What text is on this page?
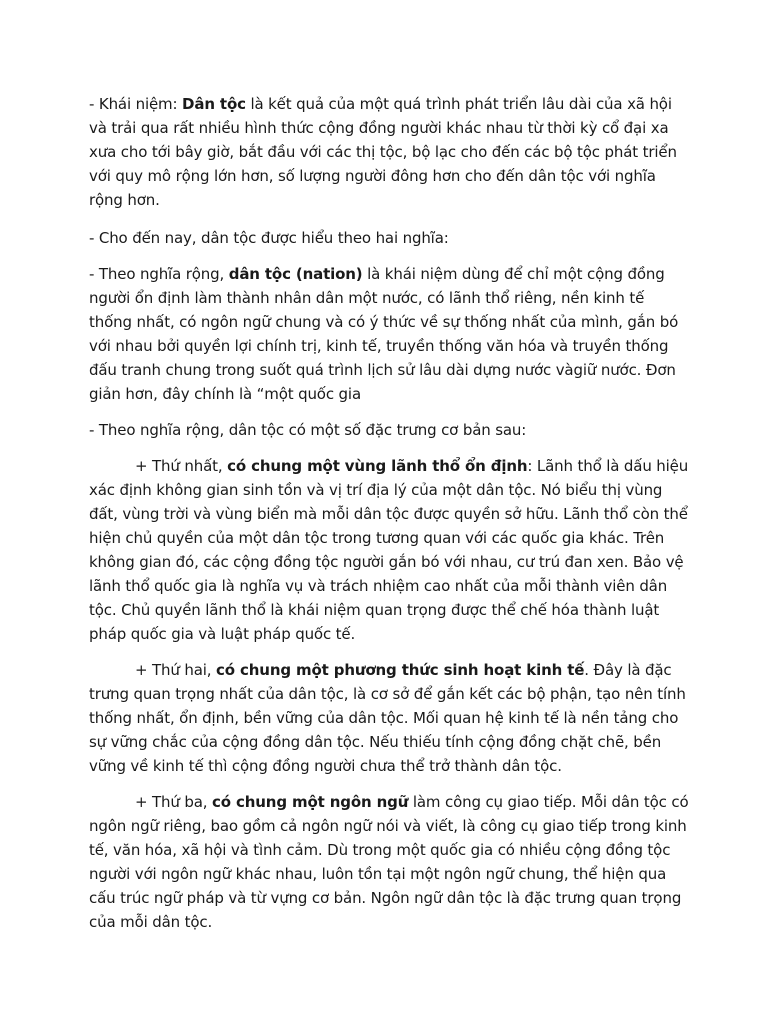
- Khái niệm: Dân tộc là kết quả của một quá trình phát triển lâu dài của xã hội và trải qua rất nhiều hình thức cộng đồng người khác nhau từ thời kỳ cổ đại xa xưa cho tới bây giờ, bắt đầu với các thị tộc, bộ lạc cho đến các bộ tộc phát triển với quy mô rộng lớn hơn, số lượng người đông hơn cho đến dân tộc với nghĩa rộng hơn.

- Cho đến nay, dân tộc được hiểu theo hai nghĩa:

- Theo nghĩa rộng, dân tộc (nation) là khái niệm dùng để chỉ một cộng đồng người ổn định làm thành nhân dân một nước, có lãnh thổ riêng, nền kinh tế thống nhất, có ngôn ngữ chung và có ý thức về sự thống nhất của mình, gắn bó với nhau bởi quyền lợi chính trị, kinh tế, truyền thống văn hóa và truyền thống đấu tranh chung trong suốt quá trình lịch sử lâu dài dựng nước vàgiữ nước. Đơn giản hơn, đây chính là “một quốc gia

- Theo nghĩa rộng, dân tộc có một số đặc trưng cơ bản sau:

+ Thứ nhất, có chung một vùng lãnh thổ ổn định: Lãnh thổ là dấu hiệu xác định không gian sinh tồn và vị trí địa lý của một dân tộc. Nó biểu thị vùng đất, vùng trời và vùng biển mà mỗi dân tộc được quyền sở hữu. Lãnh thổ còn thể hiện chủ quyền của một dân tộc trong tương quan với các quốc gia khác. Trên không gian đó, các cộng đồng tộc người gắn bó với nhau, cư trú đan xen. Bảo vệ lãnh thổ quốc gia là nghĩa vụ và trách nhiệm cao nhất của mỗi thành viên dân tộc. Chủ quyền lãnh thổ là khái niệm quan trọng được thể chế hóa thành luật pháp quốc gia và luật pháp quốc tế.

+ Thứ hai, có chung một phương thức sinh hoạt kinh tế. Đây là đặc trưng quan trọng nhất của dân tộc, là cơ sở để gắn kết các bộ phận, tạo nên tính thống nhất, ổn định, bền vững của dân tộc. Mối quan hệ kinh tế là nền tảng cho sự vững chắc của cộng đồng dân tộc. Nếu thiếu tính cộng đồng chặt chẽ, bền vững về kinh tế thì cộng đồng người chưa thể trở thành dân tộc.

+ Thứ ba, có chung một ngôn ngữ làm công cụ giao tiếp. Mỗi dân tộc có ngôn ngữ riêng, bao gồm cả ngôn ngữ nói và viết, là công cụ giao tiếp trong kinh tế, văn hóa, xã hội và tình cảm. Dù trong một quốc gia có nhiều cộng đồng tộc người với ngôn ngữ khác nhau, luôn tồn tại một ngôn ngữ chung, thể hiện qua cấu trúc ngữ pháp và từ vựng cơ bản. Ngôn ngữ dân tộc là đặc trưng quan trọng của mỗi dân tộc.
